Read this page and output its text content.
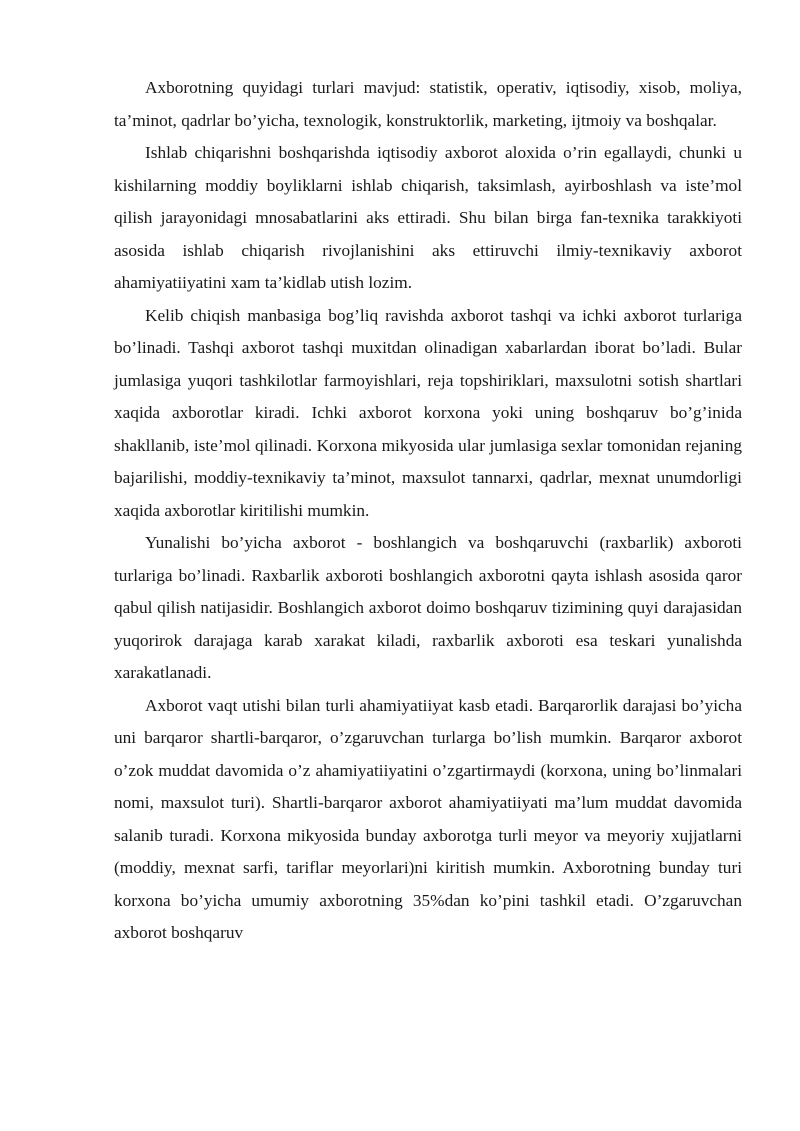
Axborotning quyidagi turlari mavjud: statistik, operativ, iqtisodiy, xisob, moliya, ta’minot, qadrlar bo’yicha, texnologik, konstruktorlik, marketing, ijtmoiy va boshqalar.

Ishlab chiqarishni boshqarishda iqtisodiy axborot aloxida o’rin egallaydi, chunki u kishilarning moddiy boyliklarni ishlab chiqarish, taksimlash, ayirboshlash va iste’mol qilish jarayonidagi mnosabatlarini aks ettiradi. Shu bilan birga fan-texnika tarakkiyoti asosida ishlab chiqarish rivojlanishini aks ettiruvchi ilmiy-texnikaviy axborot ahamiyatiiyatini xam ta’kidlab utish lozim.

Kelib chiqish manbasiga bog’liq ravishda axborot tashqi va ichki axborot turlariga bo’linadi. Tashqi axborot tashqi muxitdan olinadigan xabarlardan iborat bo’ladi. Bular jumlasiga yuqori tashkilotlar farmoyishlari, reja topshiriklari, maxsulotni sotish shartlari xaqida axborotlar kiradi. Ichki axborot korxona yoki uning boshqaruv bo’g’inida shakllanib, iste’mol qilinadi. Korxona mikyosida ular jumlasiga sexlar tomonidan rejaning bajarilishi, moddiy-texnikaviy ta’minot, maxsulot tannarxi, qadrlar, mexnat unumdorligi xaqida axborotlar kiritilishi mumkin.

Yunalishi bo’yicha axborot - boshlangich va boshqaruvchi (raxbarlik) axboroti turlariga bo’linadi. Raxbarlik axboroti boshlangich axborotni qayta ishlash asosida qaror qabul qilish natijasidir. Boshlangich axborot doimo boshqaruv tizimining quyi darajasidan yuqorirok darajaga karab xarakat kiladi, raxbarlik axboroti esa teskari yunalishda xarakatlanadi.

Axborot vaqt utishi bilan turli ahamiyatiiyat kasb etadi. Barqarorlik darajasi bo’yicha uni barqaror shartli-barqaror, o’zgaruvchan turlarga bo’lish mumkin. Barqaror axborot o’zok muddat davomida o’z ahamiyatiiyatini o’zgartirmaydi (korxona, uning bo’linmalari nomi, maxsulot turi). Shartli-barqaror axborot ahamiyatiiyati ma’lum muddat davomida salanib turadi. Korxona mikyosida bunday axborotga turli meyor va meyoriy xujjatlarni (moddiy, mexnat sarfi, tariflar meyorlari)ni kiritish mumkin. Axborotning bunday turi korxona bo’yicha umumiy axborotning 35%dan ko’pini tashkil etadi. O’zgaruvchan axborot boshqaruv
